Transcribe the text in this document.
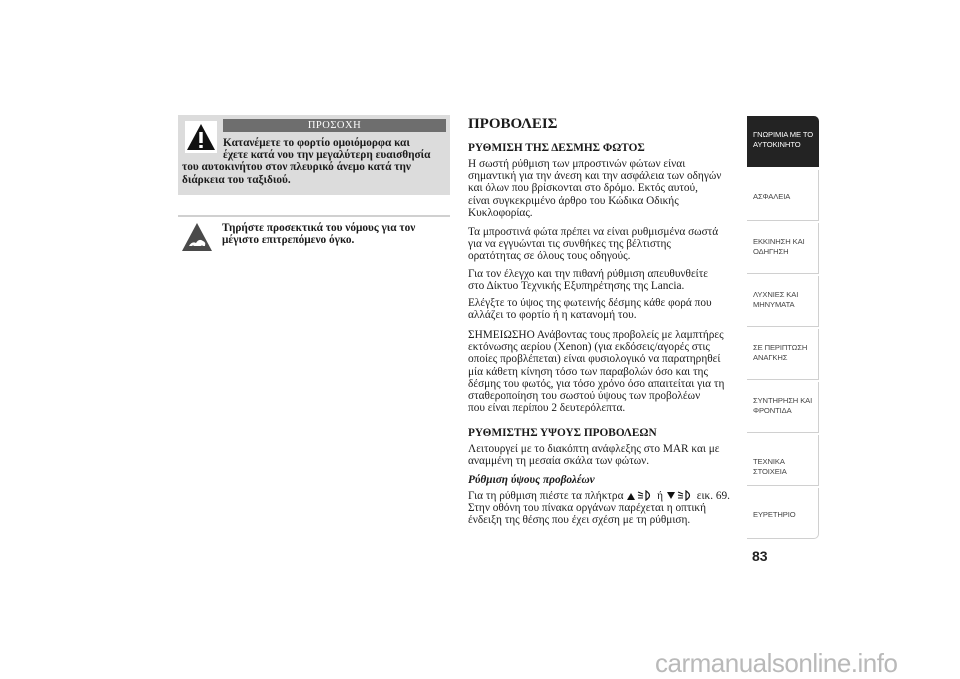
ΠΡΟΣΟΧΗ
Κατανέμετε το φορτίο ομοιόμορφα και
έχετε κατά νου την μεγαλύτερη ευαισθησία
του αυτοκινήτου στον πλευρικό άνεμο κατά την
διάρκεια του ταξιδιού.
Τηρήστε προσεκτικά του νόμους για τον
μέγιστο επιτρεπόμενο όγκο.
ΠΡΟΒΟΛΕΙΣ
ΡΥΘΜΙΣΗ ΤΗΣ ΔΕΣΜΗΣ ΦΩΤΟΣ
Η σωστή ρύθμιση των μπροστινών φώτων είναι
σημαντική για την άνεση και την ασφάλεια των οδηγών
και όλων που βρίσκονται στο δρόμο. Εκτός αυτού,
είναι συγκεκριμένο άρθρο του Κώδικα Οδικής
Κυκλοφορίας.
Τα μπροστινά φώτα πρέπει να είναι ρυθμισμένα σωστά
για να εγγυώνται τις συνθήκες της βέλτιστης
ορατότητας σε όλους τους οδηγούς.
Για τον έλεγχο και την πιθανή ρύθμιση απευθυνθείτε
στο Δίκτυο Τεχνικής Εξυπηρέτησης της Lancia.
Ελέγξτε το ύψος της φωτεινής δέσμης κάθε φορά που
αλλάζει το φορτίο ή η κατανομή του.
ΣΗΜΕΙΩΣΗΟ Ανάβοντας τους προβολείς με λαμπτήρες
εκτόνωσης αερίου (Xenon) (για εκδόσεις/αγορές στις
οποίες προβλέπεται) είναι φυσιολογικό να παρατηρηθεί
μία κάθετη κίνηση τόσο των παραβολών όσο και της
δέσμης του φωτός, για τόσο χρόνο όσο απαιτείται για τη
σταθεροποίηση του σωστού ύψους των προβολέων
που είναι περίπου 2 δευτερόλεπτα.
ΡΥΘΜΙΣΤΗΣ ΥΨΟΥΣ ΠΡΟΒΟΛΕΩΝ
Λειτουργεί με το διακόπτη ανάφλεξης στο MAR και με
αναμμένη τη μεσαία σκάλα των φώτων.
Ρύθμιση ύψους προβολέων
Για τη ρύθμιση πιέστε τα πλήκτρα	ή	εικ. 69.
Στην οθόνη του πίνακα οργάνων παρέχεται η οπτική
ένδειξη της θέσης που έχει σχέση με τη ρύθμιση.
ΓΝΩΡΙΜΙΑ ΜΕ ΤΟ
ΑΥΤΟΚΙΝΗΤΟ
ΑΣΦΑΛΕΙΑ
ΕΚΚΙΝΗΣΗ ΚΑΙ
ΟΔΗΓΗΣΗ
ΛΥΧΝΙΕΣ ΚΑΙ
ΜΗΝΥΜΑΤΑ
ΣΕ ΠΕΡΙΠΤΩΣΗ
ΑΝΑΓΚΗΣ
ΣΥΝΤΗΡΗΣΗ ΚΑΙ
ΦΡΟΝΤΙΔΑ
ΤΕΧΝΙΚΑ ΣΤΟΙΧΕΙΑ
ΕΥΡΕΤΗΡΙΟ
83
carmanualsonline.info
